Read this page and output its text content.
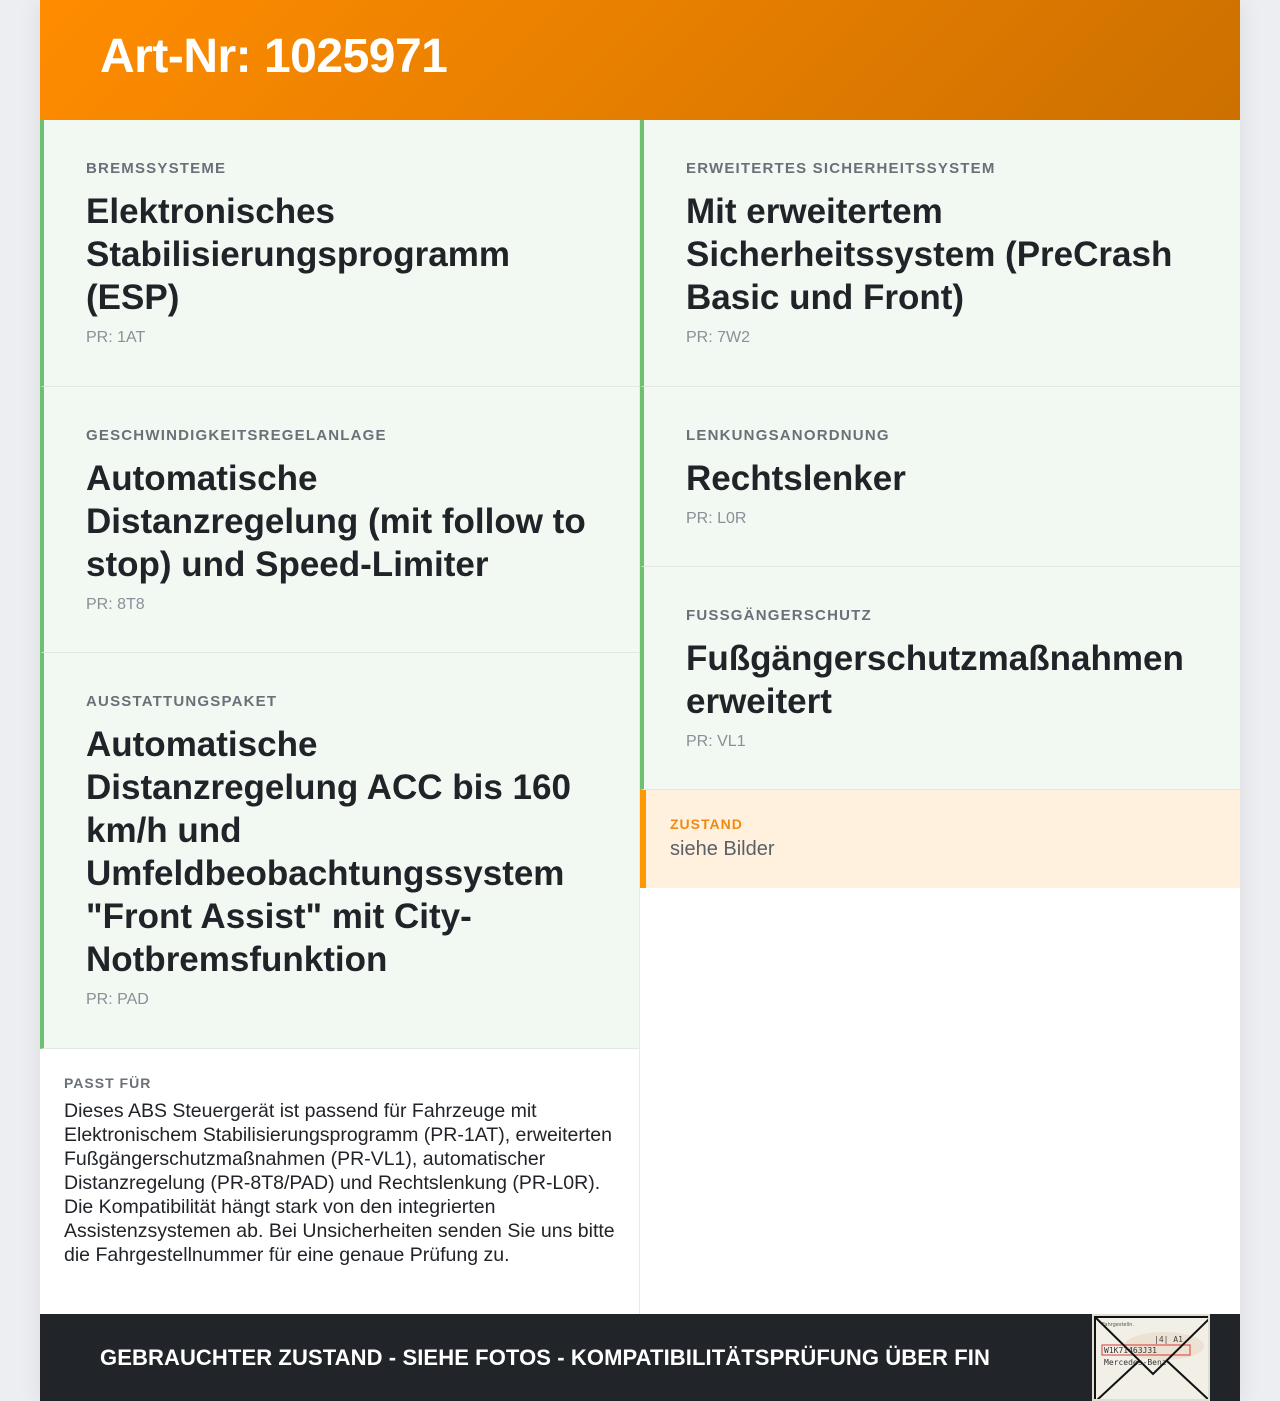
Art-Nr: 1025971
BREMSSYSTEME
Elektronisches Stabilisierungsprogramm (ESP)
PR: 1AT
GESCHWINDIGKEITSREGELANLAGE
Automatische Distanzregelung (mit follow to stop) und Speed-Limiter
PR: 8T8
AUSSTATTUNGSPAKET
Automatische Distanzregelung ACC bis 160 km/h und Umfeldbeobachtungssystem "Front Assist" mit City-Notbremsfunktion
PR: PAD
PASST FÜR
Dieses ABS Steuergerät ist passend für Fahrzeuge mit Elektronischem Stabilisierungsprogramm (PR-1AT), erweiterten Fußgängerschutzmaßnahmen (PR-VL1), automatischer Distanzregelung (PR-8T8/PAD) und Rechtslenkung (PR-L0R). Die Kompatibilität hängt stark von den integrierten Assistenzsystemen ab. Bei Unsicherheiten senden Sie uns bitte die Fahrgestellnummer für eine genaue Prüfung zu.
ERWEITERTES SICHERHEITSSYSTEM
Mit erweitertem Sicherheitssystem (PreCrash Basic und Front)
PR: 7W2
LENKUNGSANORDNUNG
Rechtslenker
PR: L0R
FUSSGÄNGERSCHUTZ
Fußgängerschutzmaßnahmen erweitert
PR: VL1
ZUSTAND
siehe Bilder
GEBRAUCHTER ZUSTAND - SIEHE FOTOS - KOMPATIBILITÄTSPRÜFUNG ÜBER FIN
Fahrgestelln.
|4| A1
W1K71463J31
Mercedes-Benz
